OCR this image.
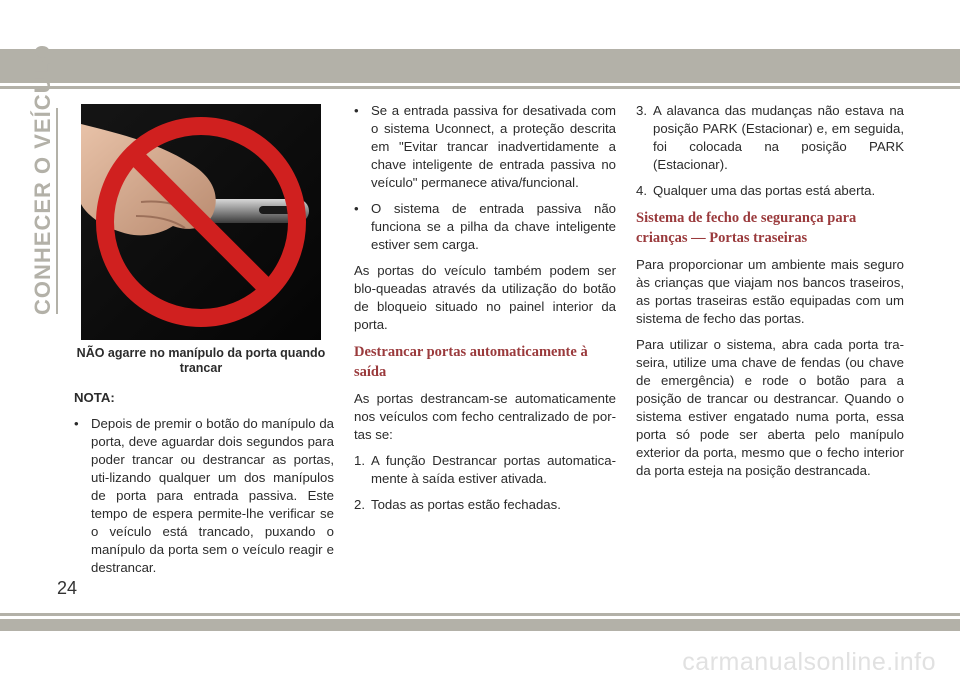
CONHECER O VEÍCULO
NÃO agarre no manípulo da porta quando trancar

NOTA:

• Depois de premir o botão do manípulo da porta, deve aguardar dois segundos para poder trancar ou destrancar as portas, uti-lizando qualquer um dos manípulos de porta para entrada passiva. Este tempo de espera permite-lhe verificar se o veículo está trancado, puxando o manípulo da porta sem o veículo reagir e destrancar.
• Se a entrada passiva for desativada com o sistema Uconnect, a proteção descrita em "Evitar trancar inadvertidamente a chave inteligente de entrada passiva no veículo" permanece ativa/funcional.
• O sistema de entrada passiva não funciona se a pilha da chave inteligente estiver sem carga.

As portas do veículo também podem ser blo-queadas através da utilização do botão de bloqueio situado no painel interior da porta.

Destrancar portas automaticamente à saída

As portas destrancam-se automaticamente nos veículos com fecho centralizado de por-tas se:

1. A função Destrancar portas automatica-mente à saída estiver ativada.
2. Todas as portas estão fechadas.
3. A alavanca das mudanças não estava na posição PARK (Estacionar) e, em seguida, foi colocada na posição PARK (Estacionar).
4. Qualquer uma das portas está aberta.
Sistema de fecho de segurança para crianças — Portas traseiras

Para proporcionar um ambiente mais seguro às crianças que viajam nos bancos traseiros, as portas traseiras estão equipadas com um sistema de fecho das portas.

Para utilizar o sistema, abra cada porta tra-seira, utilize uma chave de fendas (ou chave de emergência) e rode o botão para a posição de trancar ou destrancar. Quando o sistema estiver engatado numa porta, essa porta só pode ser aberta pelo manípulo exterior da porta, mesmo que o fecho interior da porta esteja na posição destrancada.

24
carmanualsonline.info
